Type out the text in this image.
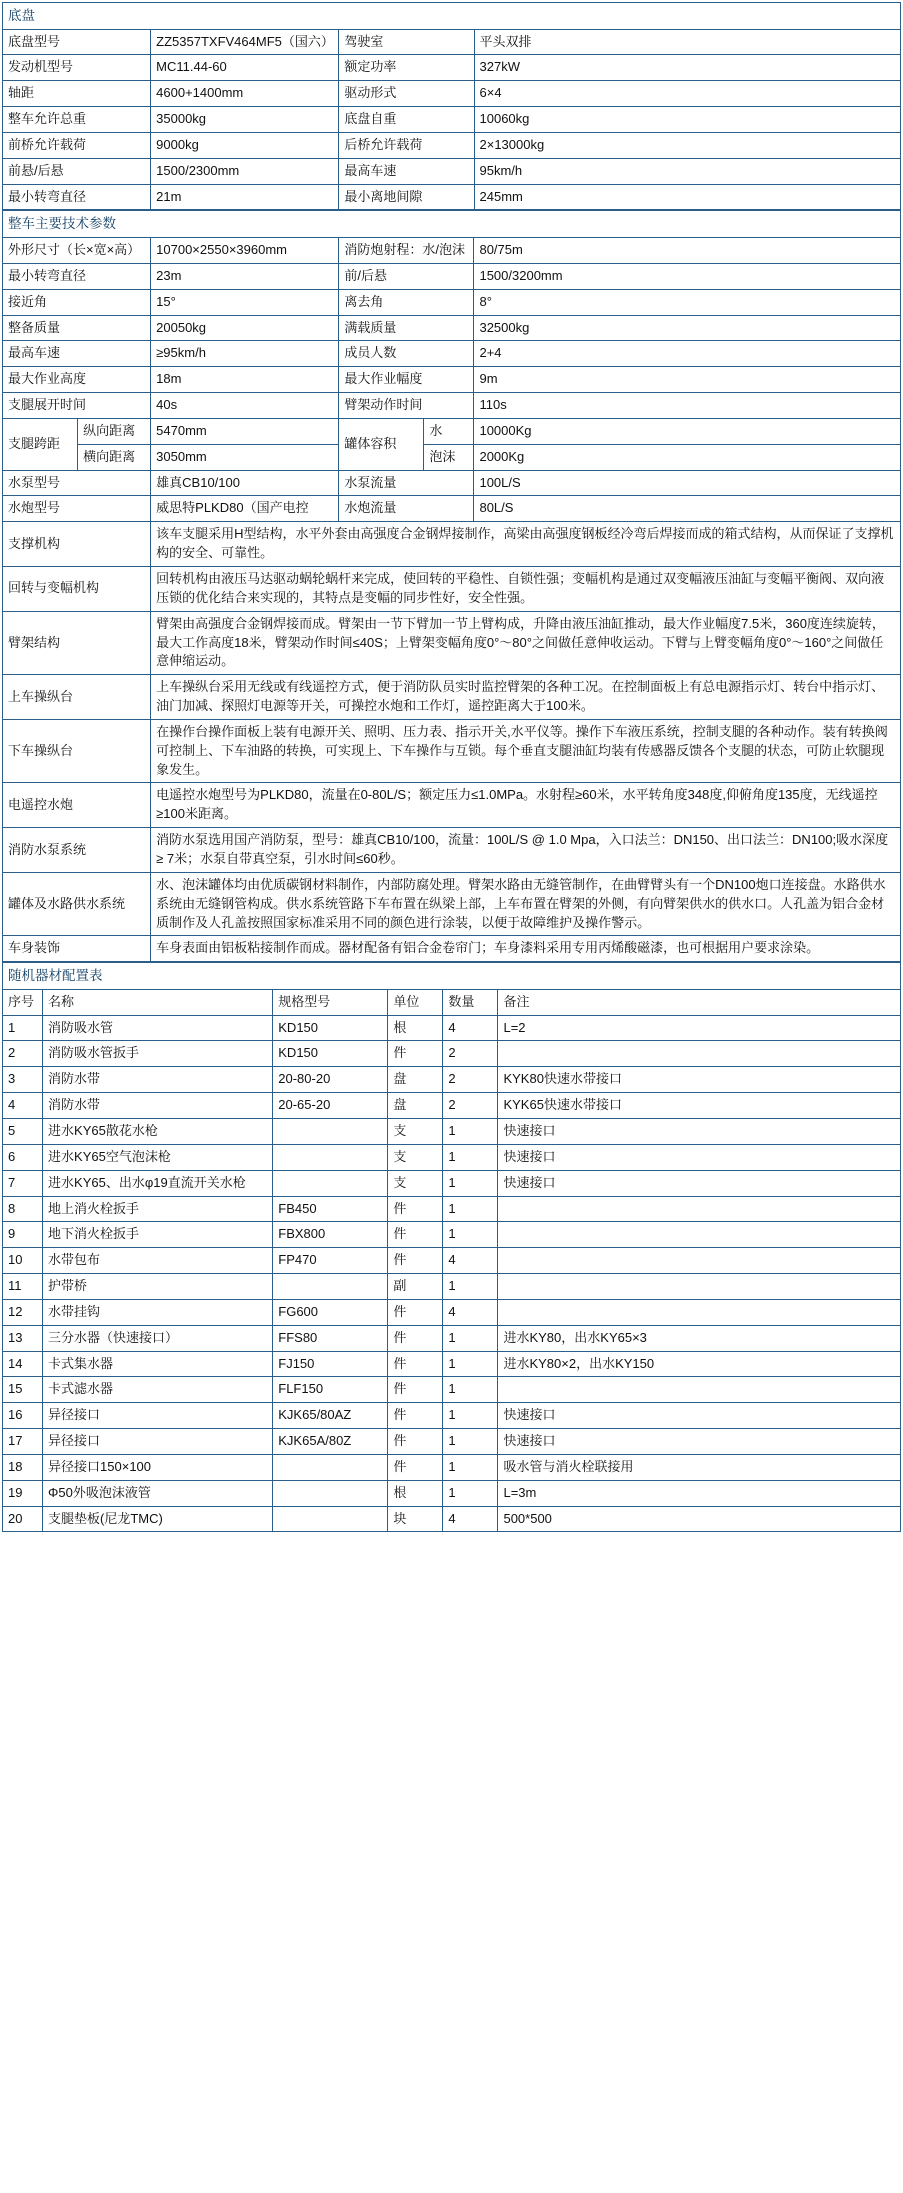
底盘			
底盘型号	ZZ5357TXFV464MF5（国六）	驾驶室	平头双排
发动机型号	MC11.44-60	额定功率	327kW
轴距	4600+1400mm	驱动形式	6×4
整车允许总重	35000kg	底盘自重	10060kg
前桥允许载荷	9000kg	后桥允许载荷	2×13000kg
前悬/后悬	1500/2300mm	最高车速	95km/h
最小转弯直径	21m	最小离地间隙	245mm
整车主要技术参数					
外形尺寸（长×宽×高）		10700×2550×3960mm	消防炮射程：水/泡沫		80/75m
最小转弯直径		23m	前/后悬		1500/3200mm
接近角		15°	离去角		8°
整备质量		20050kg	满载质量		32500kg
最高车速		≥95km/h	成员人数		2+4
最大作业高度		18m	最大作业幅度		9m
支腿展开时间		40s	臂架动作时间		110s
支腿跨距	纵向距离	5470mm	罐体容积	水	10000Kg
	横向距离	3050mm		泡沫	2000Kg
水泵型号		雄真CB10/100	水泵流量		100L/S
水炮型号		威思特PLKD80（国产电控	水炮流量		80L/S
支撑机构		该车支腿采用H型结构，水平外套由高强度合金钢焊接制作，高梁由高强度钢板经冷弯后焊接而成的箱式结构，从而保证了支撑机构的安全、可靠性。			
回转与变幅机构		回转机构由液压马达驱动蜗轮蜗杆来完成，使回转的平稳性、自锁性强；变幅机构是通过双变幅液压油缸与变幅平衡阀、双向液压锁的优化结合来实现的，其特点是变幅的同步性好，安全性强。			
臂架结构		臂架由高强度合金钢焊接而成。臂架由一节下臂加一节上臂构成，升降由液压油缸推动，最大作业幅度7.5米，360度连续旋转，最大工作高度18米，臂架动作时间≤40S；上臂架变幅角度0°～80°之间做任意伸收运动。下臂与上臂变幅角度0°～160°之间做任意伸缩运动。			
上车操纵台		上车操纵台采用无线或有线遥控方式，便于消防队员实时监控臂架的各种工况。在控制面板上有总电源指示灯、转台中指示灯、油门加减、探照灯电源等开关，可操控水炮和工作灯，遥控距离大于100米。			
下车操纵台		在操作台操作面板上装有电源开关、照明、压力表、指示开关,水平仪等。操作下车液压系统，控制支腿的各种动作。装有转换阀可控制上、下车油路的转换，可实现上、下车操作与互锁。每个垂直支腿油缸均装有传感器反馈各个支腿的状态，可防止软腿现象发生。			
电遥控水炮		电遥控水炮型号为PLKD80，流量在0-80L/S；额定压力≤1.0MPa。水射程≥60米，水平转角度348度,仰俯角度135度，无线遥控≥100米距离。			
消防水泵系统		消防水泵选用国产消防泵，型号：雄真CB10/100，流量：100L/S @ 1.0 Mpa，入口法兰：DN150、出口法兰：DN100;吸水深度 ≥ 7米；水泵自带真空泵，引水时间≤60秒。			
罐体及水路供水系统		水、泡沫罐体均由优质碳钢材料制作，内部防腐处理。臂架水路由无缝管制作，在曲臂臂头有一个DN100炮口连接盘。水路供水系统由无缝钢管构成。供水系统管路下车布置在纵梁上部，上车布置在臂架的外侧，有向臂架供水的供水口。人孔盖为铝合金材质制作及人孔盖按照国家标准采用不同的颜色进行涂装，以便于故障维护及操作警示。			
车身装饰		车身表面由铝板粘接制作而成。器材配备有铝合金卷帘门；车身漆料采用专用丙烯酸磁漆，也可根据用户要求涂染。			
随机器材配置表					
序号	名称	规格型号	单位	数量	备注
1	消防吸水管	KD150	根	4	L=2
2	消防吸水管扳手	KD150	件	2	
3	消防水带	20-80-20	盘	2	KYK80快速水带接口
4	消防水带	20-65-20	盘	2	KYK65快速水带接口
5	进水KY65散花水枪		支	1	快速接口
6	进水KY65空气泡沫枪		支	1	快速接口
7	进水KY65、出水φ19直流开关水枪		支	1	快速接口
8	地上消火栓扳手	FB450	件	1	
9	地下消火栓扳手	FBX800	件	1	
10	水带包布	FP470	件	4	
11	护带桥		副	1	
12	水带挂钩	FG600	件	4	
13	三分水器（快速接口）	FFS80	件	1	进水KY80，出水KY65×3
14	卡式集水器	FJ150	件	1	进水KY80×2，出水KY150
15	卡式滤水器	FLF150	件	1	
16	异径接口	KJK65/80AZ	件	1	快速接口
17	异径接口	KJK65A/80Z	件	1	快速接口
18	异径接口150×100		件	1	吸水管与消火栓联接用
19	Φ50外吸泡沫液管		根	1	L=3m
20	支腿垫板(尼龙TMC)		块	4	500*500
